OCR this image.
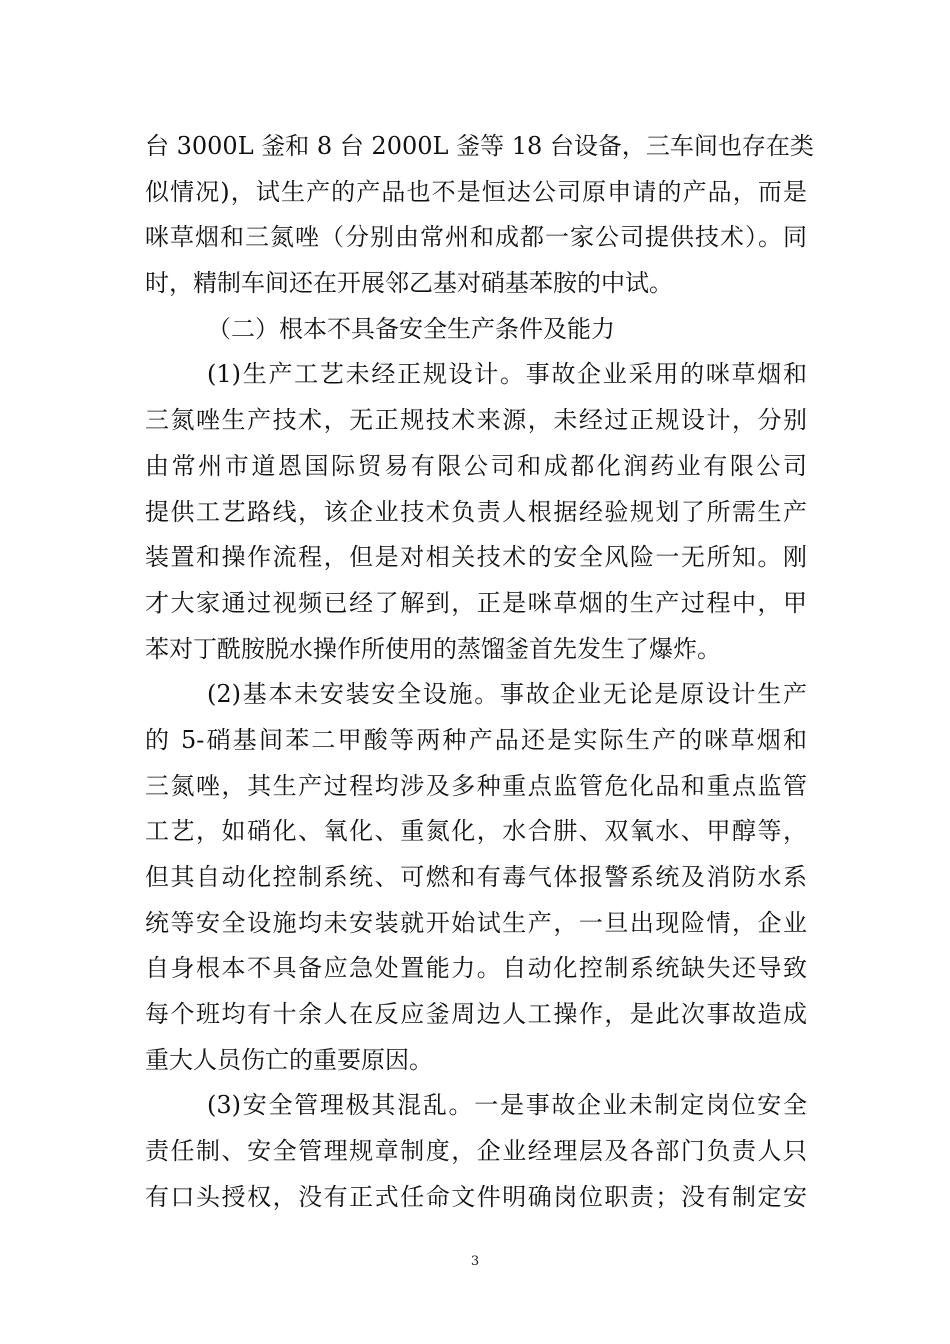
台 3000L 釜和 8 台 2000L 釜等 18 台设备，三车间也存在类
似情况)，试生产的产品也不是恒达公司原申请的产品，而是
咪草烟和三氮唑（分别由常州和成都一家公司提供技术）。同
时，精制车间还在开展邻乙基对硝基苯胺的中试。
（二）根本不具备安全生产条件及能力
(1)生产工艺未经正规设计。事故企业采用的咪草烟和
三氮唑生产技术，无正规技术来源，未经过正规设计，分别
由常州市道恩国际贸易有限公司和成都化润药业有限公司
提供工艺路线，该企业技术负责人根据经验规划了所需生产
装置和操作流程，但是对相关技术的安全风险一无所知。刚
才大家通过视频已经了解到，正是咪草烟的生产过程中，甲
苯对丁酰胺脱水操作所使用的蒸馏釜首先发生了爆炸。
(2)基本未安装安全设施。事故企业无论是原设计生产
的 5-硝基间苯二甲酸等两种产品还是实际生产的咪草烟和
三氮唑，其生产过程均涉及多种重点监管危化品和重点监管
工艺，如硝化、氧化、重氮化，水合肼、双氧水、甲醇等，
但其自动化控制系统、可燃和有毒气体报警系统及消防水系
统等安全设施均未安装就开始试生产，一旦出现险情，企业
自身根本不具备应急处置能力。自动化控制系统缺失还导致
每个班均有十余人在反应釜周边人工操作，是此次事故造成
重大人员伤亡的重要原因。
(3)安全管理极其混乱。一是事故企业未制定岗位安全
责任制、安全管理规章制度，企业经理层及各部门负责人只
有口头授权，没有正式任命文件明确岗位职责；没有制定安
3
